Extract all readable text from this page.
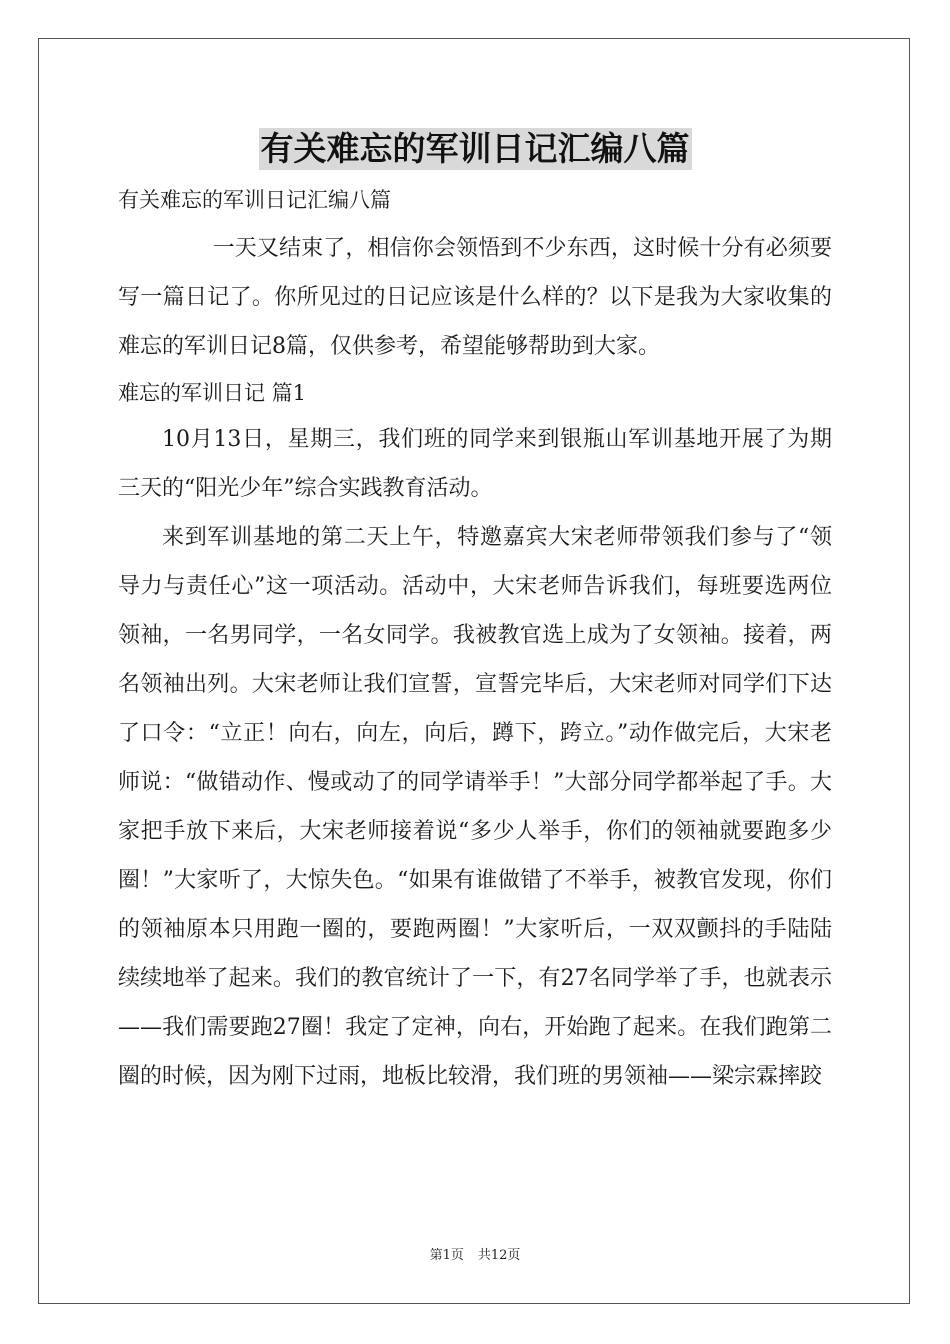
有关难忘的军训日记汇编八篇

有关难忘的军训日记汇编八篇

一天又结束了，相信你会领悟到不少东西，这时候十分有必须要写一篇日记了。你所见过的日记应该是什么样的？以下是我为大家收集的难忘的军训日记8篇，仅供参考，希望能够帮助到大家。

难忘的军训日记 篇1

10月13日，星期三，我们班的同学来到银瓶山军训基地开展了为期三天的“阳光少年”综合实践教育活动。

来到军训基地的第二天上午，特邀嘉宾大宋老师带领我们参与了“领导力与责任心”这一项活动。活动中，大宋老师告诉我们，每班要选两位领袖，一名男同学，一名女同学。我被教官选上成为了女领袖。接着，两名领袖出列。大宋老师让我们宣誓，宣誓完毕后，大宋老师对同学们下达了口令：“立正！向右，向左，向后，蹲下，跨立。”动作做完后，大宋老师说：“做错动作、慢或动了的同学请举手！”大部分同学都举起了手。大家把手放下来后，大宋老师接着说“多少人举手，你们的领袖就要跑多少圈！”大家听了，大惊失色。“如果有谁做错了不举手，被教官发现，你们的领袖原本只用跑一圈的，要跑两圈！”大家听后，一双双颤抖的手陆陆续续地举了起来。我们的教官统计了一下，有27名同学举了手，也就表示——我们需要跑27圈！我定了定神，向右，开始跑了起来。在我们跑第二圈的时候，因为刚下过雨，地板比较滑，我们班的男领袖——梁宗霖摔跤

第1页 共12页
